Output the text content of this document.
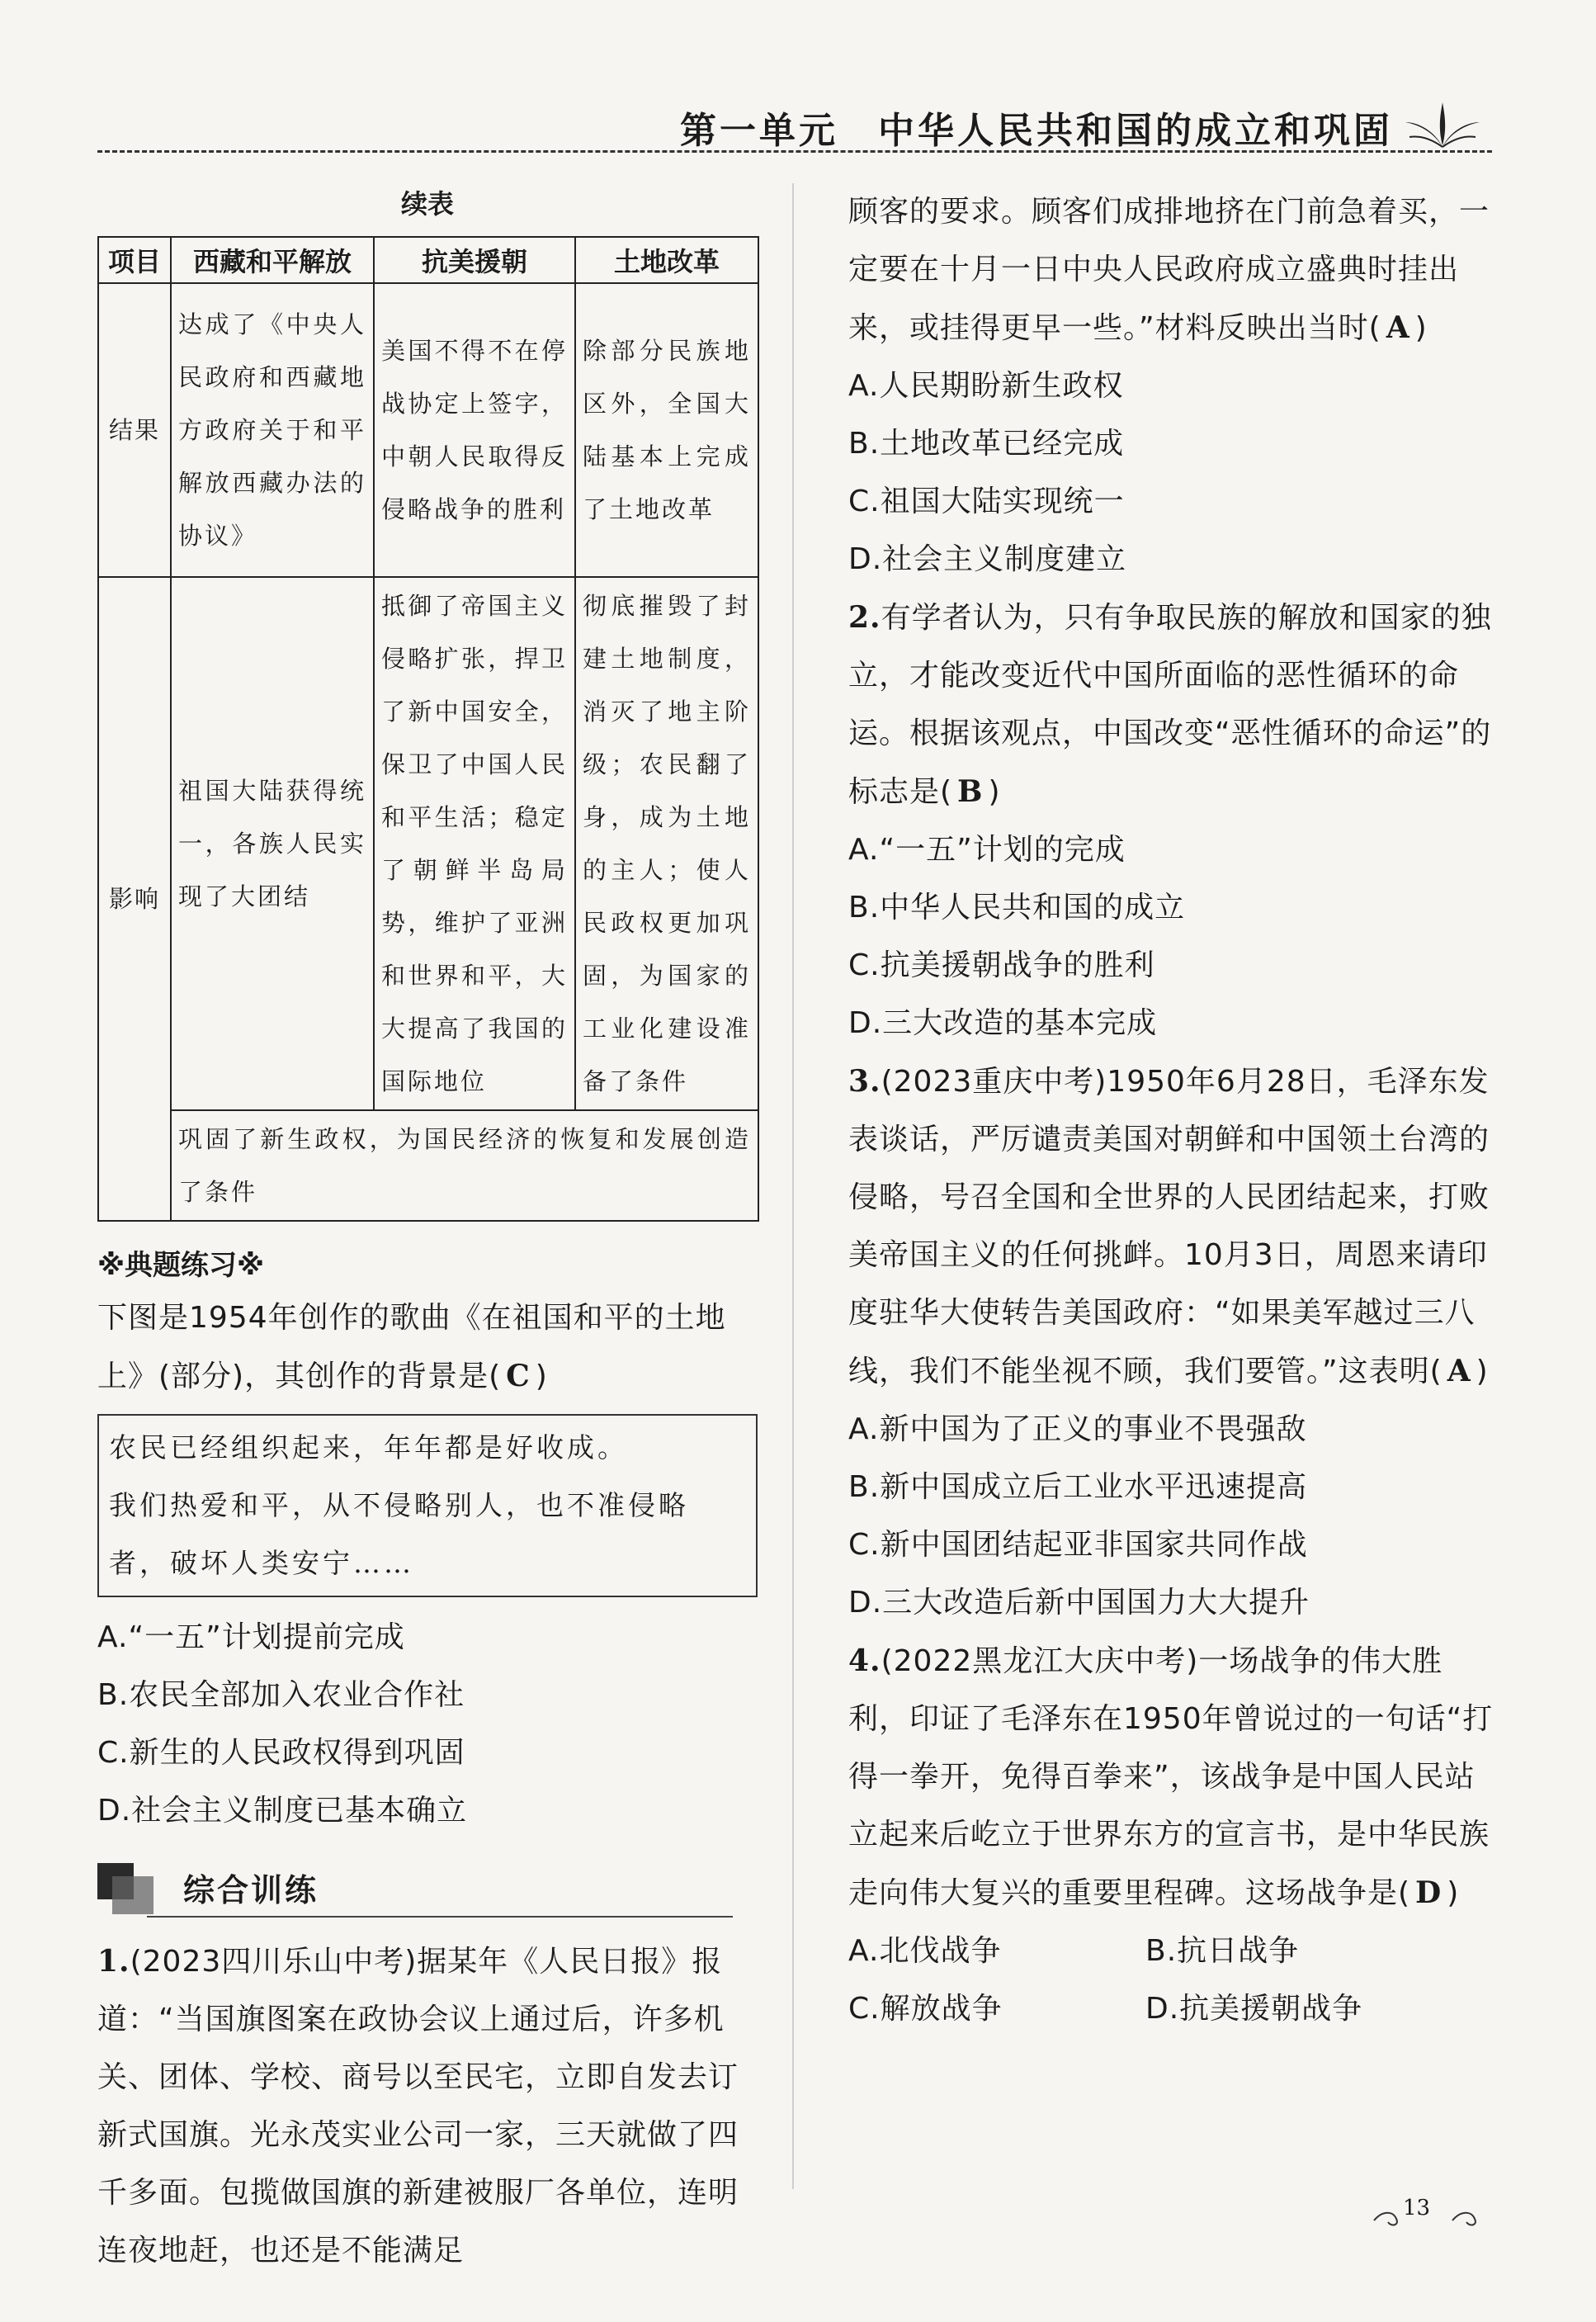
第一单元　中华人民共和国的成立和巩固
续表
项目	西藏和平解放	抗美援朝	土地改革
结果	达成了《中央人民政府和西藏地方政府关于和平解放西藏办法的协议》	美国不得不在停战协定上签字，中朝人民取得反侵略战争的胜利	除部分民族地区外，全国大陆基本上完成了土地改革

影响	祖国大陆获得统一，各族人民实现了大团结	抵御了帝国主义侵略扩张，捍卫了新中国安全，保卫了中国人民和平生活；稳定了朝鲜半岛局势，维护了亚洲和世界和平，大大提高了我国的国际地位	彻底摧毁了封建土地制度，消灭了地主阶级；农民翻了身，成为土地的主人；使人民政权更加巩固，为国家的工业化建设准备了条件

	巩固了新生政权，为国民经济的恢复和发展创造了条件		
※典题练习※
下图是1954年创作的歌曲《在祖国和平的土地上》(部分)，其创作的背景是( C )
农民已经组织起来，年年都是好收成。
我们热爱和平，从不侵略别人，也不准侵略
者，破坏人类安宁……
A.“一五”计划提前完成
B.农民全部加入农业合作社
C.新生的人民政权得到巩固
D.社会主义制度已基本确立
综合训练
1.(2023四川乐山中考)据某年《人民日报》报道：“当国旗图案在政协会议上通过后，许多机关、团体、学校、商号以至民宅，立即自发去订新式国旗。光永茂实业公司一家，三天就做了四千多面。包揽做国旗的新建被服厂各单位，连明连夜地赶，也还是不能满足
顾客的要求。顾客们成排地挤在门前急着买，一定要在十月一日中央人民政府成立盛典时挂出来，或挂得更早一些。”材料反映出当时( A )
A.人民期盼新生政权
B.土地改革已经完成
C.祖国大陆实现统一
D.社会主义制度建立
2.有学者认为，只有争取民族的解放和国家的独立，才能改变近代中国所面临的恶性循环的命运。根据该观点，中国改变“恶性循环的命运”的标志是( B )
A.“一五”计划的完成
B.中华人民共和国的成立
C.抗美援朝战争的胜利
D.三大改造的基本完成
3.(2023重庆中考)1950年6月28日，毛泽东发表谈话，严厉谴责美国对朝鲜和中国领土台湾的侵略，号召全国和全世界的人民团结起来，打败美帝国主义的任何挑衅。10月3日，周恩来请印度驻华大使转告美国政府：“如果美军越过三八线，我们不能坐视不顾，我们要管。”这表明( A )
A.新中国为了正义的事业不畏强敌
B.新中国成立后工业水平迅速提高
C.新中国团结起亚非国家共同作战
D.三大改造后新中国国力大大提升
4.(2022黑龙江大庆中考)一场战争的伟大胜利，印证了毛泽东在1950年曾说过的一句话“打得一拳开，免得百拳来”，该战争是中国人民站立起来后屹立于世界东方的宣言书，是中华民族走向伟大复兴的重要里程碑。这场战争是( D )
A.北伐战争	B.抗日战争
C.解放战争	D.抗美援朝战争
13
